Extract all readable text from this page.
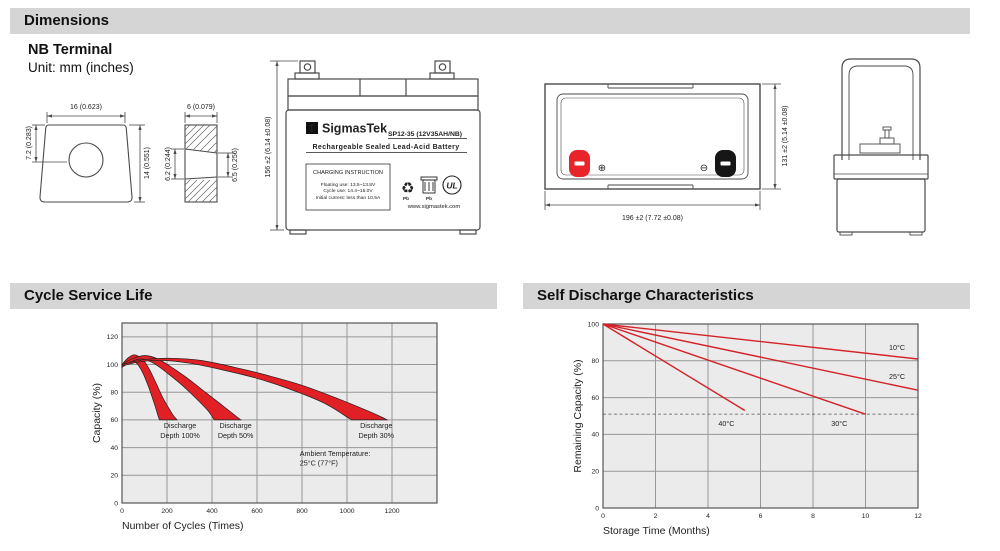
Dimensions
NB Terminal
Unit: mm (inches)
Cycle Service Life	Self Discharge Characteristics
16 (0.623)
7.2 (0.283)
14 (0.551)
6 (0.079)
6.2 (0.244)	6.5 (0.256)	156 ±2 (6.14 ±0.08)	Σ SigmasTek SP12-35 (12V35AH/NB)
Rechargeable Sealed Lead-Acid Battery
CHARGING INSTRUCTION
Floating use: 13.5~13.8V
Cycle use: 14.4~15.0V
Initial current: less than 10.5A
♻
Pb	Pb
UL
www.sigmastek.com
⊕	⊖
196 ±2 (7.72 ±0.08)
131 ±2 (5.14 ±0.08)
0	200	400	600	800	1000	1200
0
20
40
60
80
100
120
Number of Cycles (Times)
Capacity (%)	Discharge
Depth 100%
Discharge
Depth 50%
Discharge
Depth 30%
Ambient Temperature:
25°C (77°F)
0	2	4	6	8	10	12
0
20
40
60
80
100
Storage Time (Months)
Remaining Capacity (%)
10°C
25°C
30°C
40°C
